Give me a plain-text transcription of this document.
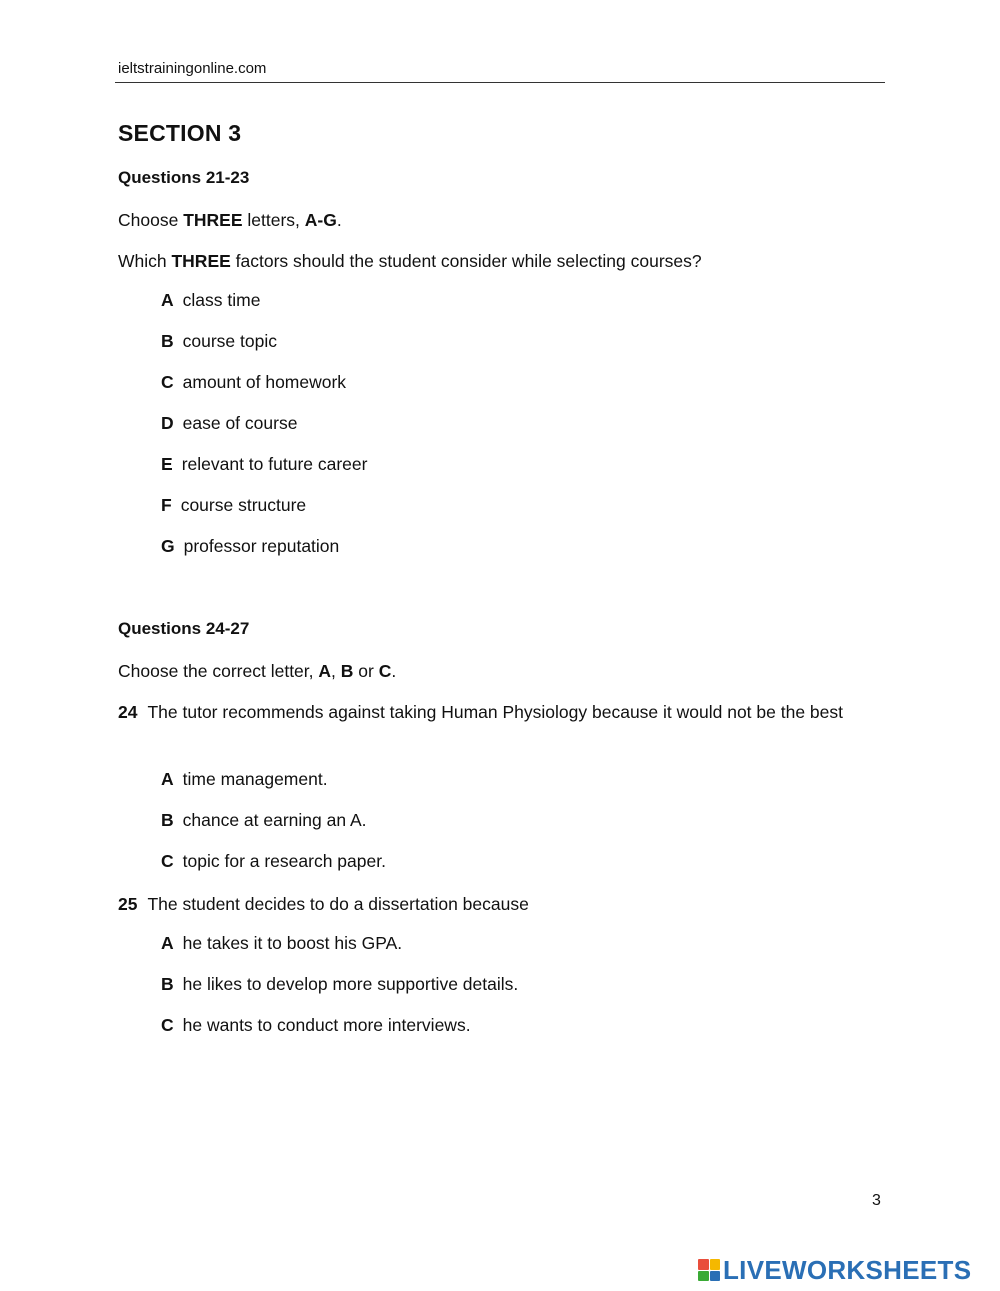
ieltstrainingonline.com
SECTION 3
Questions 21-23
Choose THREE letters, A-G.
Which THREE factors should the student consider while selecting courses?
A class time
B course topic
C amount of homework
D ease of course
E relevant to future career
F course structure
G professor reputation
Questions 24-27
Choose the correct letter, A, B or C.
24 The tutor recommends against taking Human Physiology because it would not be the best
A time management.
B chance at earning an A.
C topic for a research paper.
25 The student decides to do a dissertation because
A he takes it to boost his GPA.
B he likes to develop more supportive details.
C he wants to conduct more interviews.
3
LIVEWORKSHEETS
